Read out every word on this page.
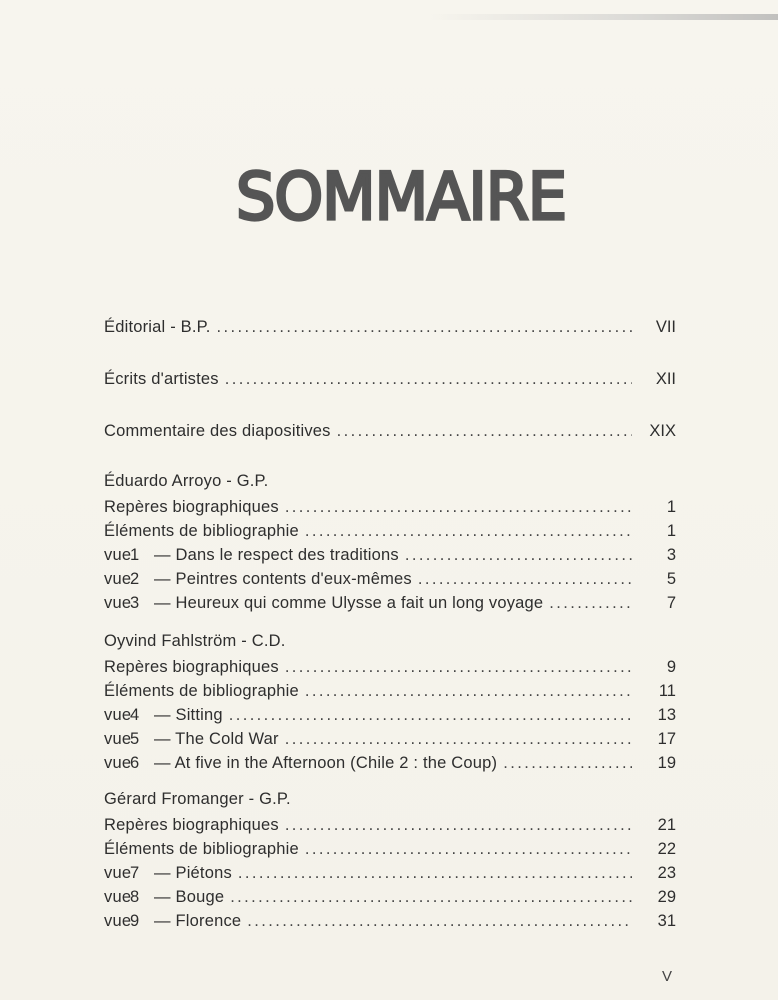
SOMMAIRE
Éditorial - B.P. .....	VII
Écrits d'artistes .....	XII
Commentaire des diapositives .....	XIX
Éduardo Arroyo - G.P.
Repères biographiques .....	1
Éléments de bibliographie .....	1
vue1 — Dans le respect des traditions .....	3
vue2 — Peintres contents d'eux-mêmes .....	5
vue3 — Heureux qui comme Ulysse a fait un long voyage .....	7
Oyvind Fahlström - C.D.
Repères biographiques .....	9
Éléments de bibliographie .....	11
vue4 — Sitting .....	13
vue5 — The Cold War .....	17
vue6 — At five in the Afternoon (Chile 2 : the Coup) .....	19
Gérard Fromanger - G.P.
Repères biographiques .....	21
Éléments de bibliographie .....	22
vue7 — Piétons .....	23
vue8 — Bouge .....	29
vue9 — Florence .....	31
V
